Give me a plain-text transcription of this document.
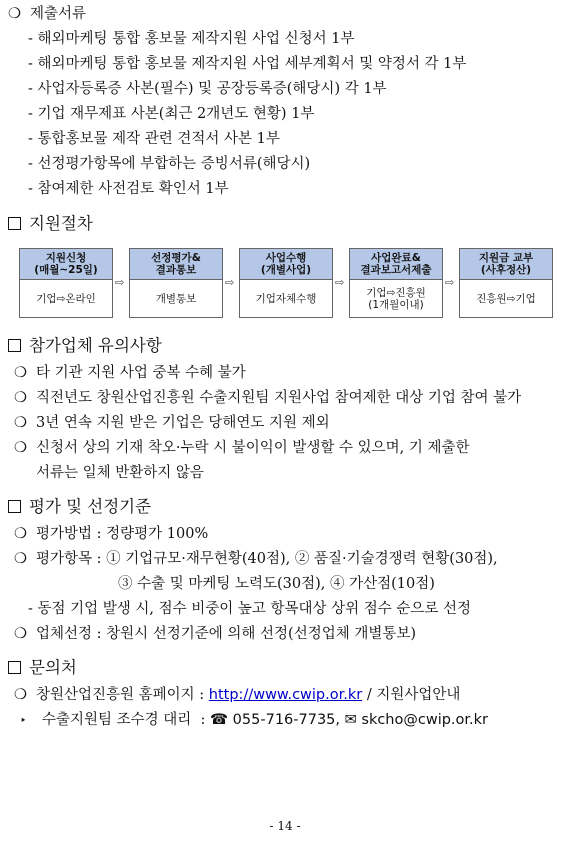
❍ 제출서류
- 해외마케팅 통합 홍보물 제작지원 사업 신청서 1부
- 해외마케팅 통합 홍보물 제작지원 사업 세부계획서 및 약정서 각 1부
- 사업자등록증 사본(필수) 및 공장등록증(해당시) 각 1부
- 기업 재무제표 사본(최근 2개년도 현황) 1부
- 통합홍보물 제작 관련 견적서 사본 1부
- 선정평가항목에 부합하는 증빙서류(해당시)
- 참여제한 사전검토 확인서 1부
지원절차
지원신청
(매월~25일)
기업⇨온라인
⇨
선정평가&
결과통보
개별통보
⇨
사업수행
(개별사업)
기업자체수행
⇨
사업완료&
결과보고서제출
기업⇨진흥원
(1개월이내)
⇨
지원금 교부
(사후정산)
진흥원⇨기업
참가업체 유의사항
❍ 타 기관 지원 사업 중복 수혜 불가
❍ 직전년도 창원산업진흥원 수출지원팀 지원사업 참여제한 대상 기업 참여 불가
❍ 3년 연속 지원 받은 기업은 당해연도 지원 제외
❍ 신청서 상의 기재 착오·누락 시 불이익이 발생할 수 있으며, 기 제출한
서류는 일체 반환하지 않음
평가 및 선정기준
❍ 평가방법 : 정량평가 100%
❍ 평가항목 : ① 기업규모·재무현황(40점), ② 품질·기술경쟁력 현황(30점),
③ 수출 및 마케팅 노력도(30점), ④ 가산점(10점)
- 동점 기업 발생 시, 점수 비중이 높고 항목대상 상위 점수 순으로 선정
❍ 업체선정 : 창원시 선정기준에 의해 선정(선정업체 개별통보)
문의처
❍ 창원산업진흥원 홈페이지 : http://www.cwip.or.kr / 지원사업안내
‣ 수출지원팀 조수경 대리  : ☎ 055-716-7735, ✉ skcho@cwip.or.kr
- 14 -
